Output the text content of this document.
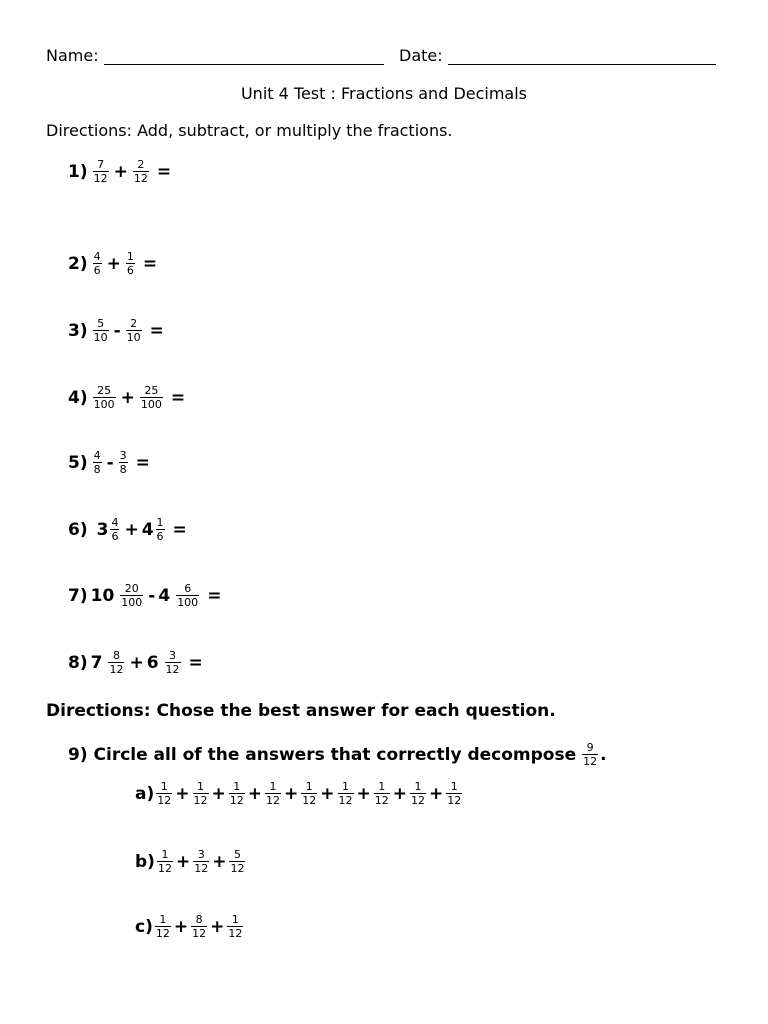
Name:	Date:
Unit 4 Test : Fractions and Decimals
Directions: Add, subtract, or multiply the fractions.
$1) \frac{7}{12} + \frac{2}{12}$ =
$2) \frac{4}{6} + \frac{1}{6}$ =
$3) \frac{5}{10} - \frac{2}{10}$ =
$4) \frac{25}{100} + \frac{25}{100}$ =
$5) \frac{4}{8} - \frac{3}{8}$ =
6) $3 \frac{4}{6} + 4 \frac{1}{6}$ =
7) $10 \frac{20}{100} - 4 \frac{6}{100}$ =
8) $7 \frac{8}{12} + 6 \frac{3}{12}$ =
Directions: Chose the best answer for each question.
9) Circle all of the answers that correctly decompose $\frac{9}{12}$ .
$a) \frac{1}{12} + \frac{1}{12} + \frac{1}{12} + \frac{1}{12} + \frac{1}{12} + \frac{1}{12} + \frac{1}{12} + \frac{1}{12} + \frac{1}{12}$
$b) \frac{1}{12} + \frac{3}{12} + \frac{5}{12}$
$c) \frac{1}{12} + \frac{8}{12} + \frac{1}{12}$
